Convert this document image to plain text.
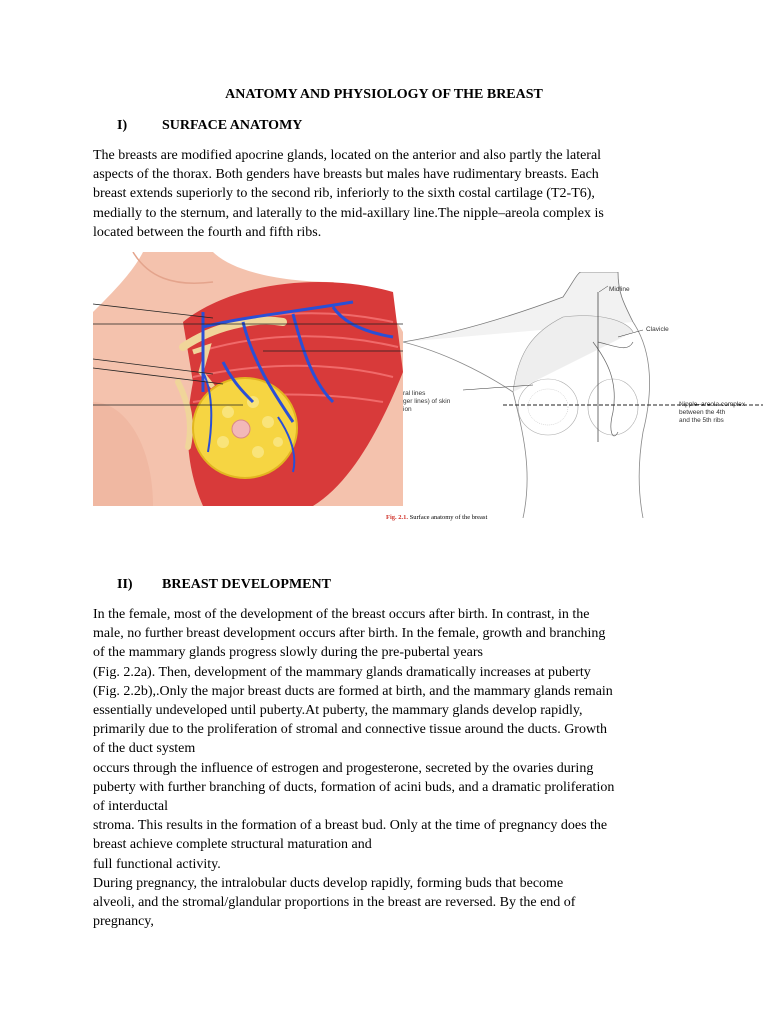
ANATOMY AND PHYSIOLOGY OF THE BREAST
I) SURFACE ANATOMY
The breasts are modified apocrine glands, located on the anterior and also partly the lateral
aspects of the thorax. Both genders have breasts but males have rudimentary breasts. Each
breast extends superiorly to the second rib, inferiorly to the sixth costal cartilage (T2-T6),
medially to the sternum, and laterally to the mid-axillary line.The nipple–areola complex is
located between the fourth and fifth ribs.
Midline
Clavicle
ral lines
ger lines) of skin
ion
Nipple–areola complex
between the 4th
and the 5th ribs
Fig. 2.1. Surface anatomy of the breast
II) BREAST DEVELOPMENT
In the female, most of the development of the breast occurs after birth. In contrast, in the
male, no further breast development occurs after birth. In the female, growth and branching
of the mammary glands progress slowly during the pre-pubertal years
(Fig. 2.2a). Then, development of the mammary glands dramatically increases at puberty
(Fig. 2.2b),.Only the major breast ducts are formed at birth, and the mammary glands remain
essentially undeveloped until puberty.At puberty, the mammary glands develop rapidly,
primarily due to the proliferation of stromal and connective tissue around the ducts. Growth
of the duct system
occurs through the influence of estrogen and progesterone, secreted by the ovaries during
puberty with further branching of ducts, formation of acini buds, and a dramatic proliferation
of interductal
stroma. This results in the formation of a breast bud. Only at the time of pregnancy does the
breast achieve complete structural maturation and
full functional activity.
During pregnancy, the intralobular ducts develop rapidly, forming buds that become
alveoli, and the stromal/glandular proportions in the breast are reversed. By the end of
pregnancy,
